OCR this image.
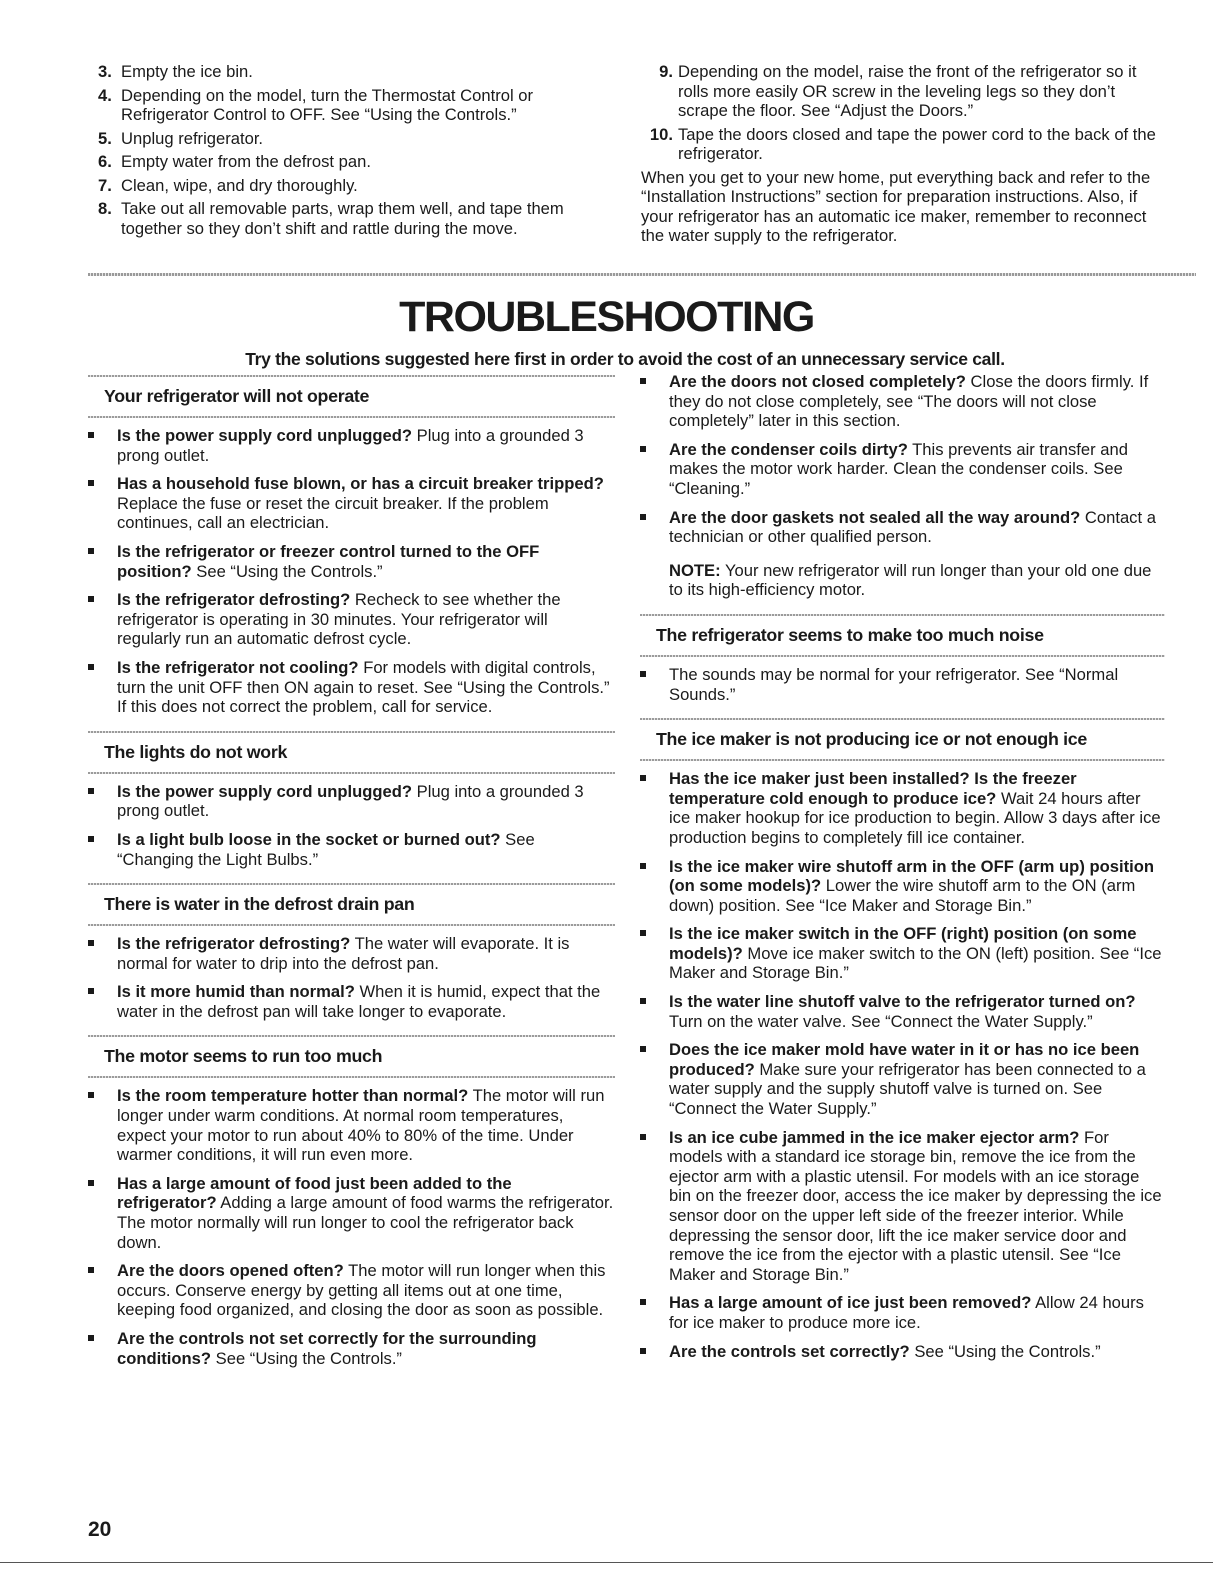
3. Empty the ice bin.
4. Depending on the model, turn the Thermostat Control or Refrigerator Control to OFF. See “Using the Controls.”
5. Unplug refrigerator.
6. Empty water from the defrost pan.
7. Clean, wipe, and dry thoroughly.
8. Take out all removable parts, wrap them well, and tape them together so they don’t shift and rattle during the move.
9. Depending on the model, raise the front of the refrigerator so it rolls more easily OR screw in the leveling legs so they don’t scrape the floor. See “Adjust the Doors.”
10. Tape the doors closed and tape the power cord to the back of the refrigerator.

When you get to your new home, put everything back and refer to the “Installation Instructions” section for preparation instructions. Also, if your refrigerator has an automatic ice maker, remember to reconnect the water supply to the refrigerator.

TROUBLESHOOTING

Try the solutions suggested here first in order to avoid the cost of an unnecessary service call.

Your refrigerator will not operate
Is the power supply cord unplugged? Plug into a grounded 3 prong outlet.
Has a household fuse blown, or has a circuit breaker tripped? Replace the fuse or reset the circuit breaker. If the problem continues, call an electrician.
Is the refrigerator or freezer control turned to the OFF position? See “Using the Controls.”
Is the refrigerator defrosting? Recheck to see whether the refrigerator is operating in 30 minutes. Your refrigerator will regularly run an automatic defrost cycle.
Is the refrigerator not cooling? For models with digital controls, turn the unit OFF then ON again to reset. See “Using the Controls.” If this does not correct the problem, call for service.
The lights do not work
Is the power supply cord unplugged? Plug into a grounded 3 prong outlet.
Is a light bulb loose in the socket or burned out? See “Changing the Light Bulbs.”
There is water in the defrost drain pan
Is the refrigerator defrosting? The water will evaporate. It is normal for water to drip into the defrost pan.
Is it more humid than normal? When it is humid, expect that the water in the defrost pan will take longer to evaporate.
The motor seems to run too much
Is the room temperature hotter than normal? The motor will run longer under warm conditions. At normal room temperatures, expect your motor to run about 40% to 80% of the time. Under warmer conditions, it will run even more.
Has a large amount of food just been added to the refrigerator? Adding a large amount of food warms the refrigerator. The motor normally will run longer to cool the refrigerator back down.
Are the doors opened often? The motor will run longer when this occurs. Conserve energy by getting all items out at one time, keeping food organized, and closing the door as soon as possible.
Are the controls not set correctly for the surrounding conditions? See “Using the Controls.”
Are the doors not closed completely? Close the doors firmly. If they do not close completely, see “The doors will not close completely” later in this section.
Are the condenser coils dirty? This prevents air transfer and makes the motor work harder. Clean the condenser coils. See “Cleaning.”
Are the door gaskets not sealed all the way around? Contact a technician or other qualified person.

NOTE: Your new refrigerator will run longer than your old one due to its high-efficiency motor.

The refrigerator seems to make too much noise
The sounds may be normal for your refrigerator. See “Normal Sounds.”
The ice maker is not producing ice or not enough ice
Has the ice maker just been installed? Is the freezer temperature cold enough to produce ice? Wait 24 hours after ice maker hookup for ice production to begin. Allow 3 days after ice production begins to completely fill ice container.
Is the ice maker wire shutoff arm in the OFF (arm up) position (on some models)? Lower the wire shutoff arm to the ON (arm down) position. See “Ice Maker and Storage Bin.”
Is the ice maker switch in the OFF (right) position (on some models)? Move ice maker switch to the ON (left) position. See “Ice Maker and Storage Bin.”
Is the water line shutoff valve to the refrigerator turned on? Turn on the water valve. See “Connect the Water Supply.”
Does the ice maker mold have water in it or has no ice been produced? Make sure your refrigerator has been connected to a water supply and the supply shutoff valve is turned on. See “Connect the Water Supply.”
Is an ice cube jammed in the ice maker ejector arm? For models with a standard ice storage bin, remove the ice from the ejector arm with a plastic utensil. For models with an ice storage bin on the freezer door, access the ice maker by depressing the ice sensor door on the upper left side of the freezer interior. While depressing the sensor door, lift the ice maker service door and remove the ice from the ejector with a plastic utensil. See “Ice Maker and Storage Bin.”
Has a large amount of ice just been removed? Allow 24 hours for ice maker to produce more ice.
Are the controls set correctly? See “Using the Controls.”

20
